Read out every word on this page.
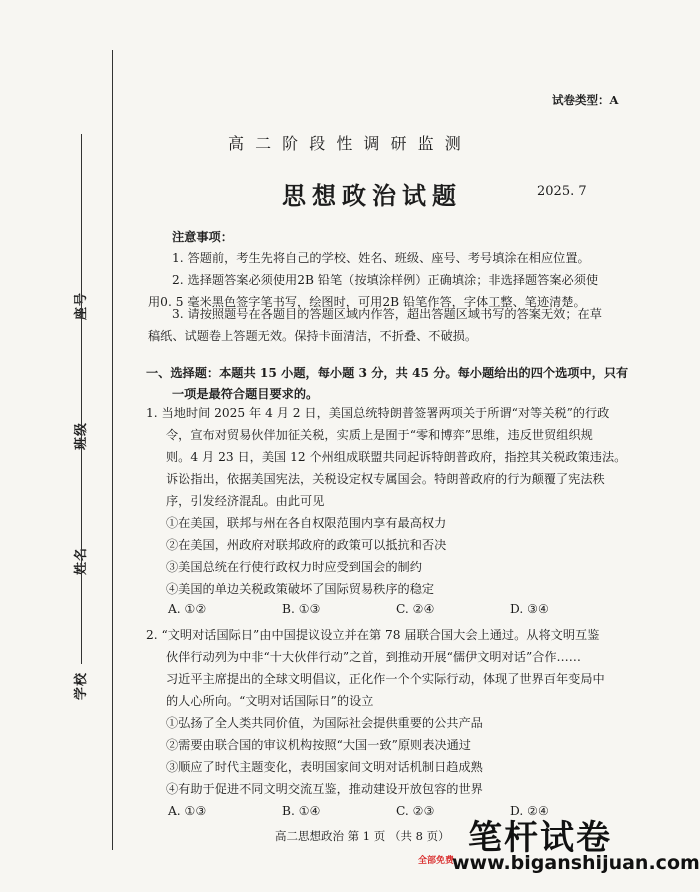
座号
班级
姓名
学校
试卷类型：A
高 二 阶 段 性 调 研 监 测
思想政治试题	2025. 7
注意事项：
1. 答题前，考生先将自己的学校、姓名、班级、座号、考号填涂在相应位置。
2. 选择题答案必须使用2B 铅笔（按填涂样例）正确填涂；非选择题答案必须使
用0. 5 毫米黑色签字笔书写，绘图时，可用2B 铅笔作答，字体工整、笔迹清楚。
3. 请按照题号在各题目的答题区域内作答，超出答题区域书写的答案无效；在草
稿纸、试题卷上答题无效。保持卡面清洁，不折叠、不破损。
一、选择题：本题共 15 小题，每小题 3 分，共 45 分。每小题给出的四个选项中，只有
一项是最符合题目要求的。
1. 当地时间 2025 年 4 月 2 日，美国总统特朗普签署两项关于所谓“对等关税”的行政
令，宣布对贸易伙伴加征关税，实质上是囿于“零和博弈”思维，违反世贸组织规
则。4 月 23 日，美国 12 个州组成联盟共同起诉特朗普政府，指控其关税政策违法。
诉讼指出，依据美国宪法，关税设定权专属国会。特朗普政府的行为颠覆了宪法秩
序，引发经济混乱。由此可见
①在美国，联邦与州在各自权限范围内享有最高权力
②在美国，州政府对联邦政府的政策可以抵抗和否决
③美国总统在行使行政权力时应受到国会的制约
④美国的单边关税政策破坏了国际贸易秩序的稳定
A. ①②	B. ①③	C. ②④	D. ③④
2. “文明对话国际日”由中国提议设立并在第 78 届联合国大会上通过。从将文明互鉴
伙伴行动列为中非“十大伙伴行动”之首，到推动开展“儒伊文明对话”合作……
习近平主席提出的全球文明倡议，正化作一个个实际行动，体现了世界百年变局中
的人心所向。“文明对话国际日”的设立
①弘扬了全人类共同价值，为国际社会提供重要的公共产品
②需要由联合国的审议机构按照“大国一致”原则表决通过
③顺应了时代主题变化，表明国家间文明对话机制日趋成熟
④有助于促进不同文明交流互鉴，推动建设开放包容的世界
A. ①③	B. ①④	C. ②③	D. ②④
高二思想政治 第 1 页 （共 8 页） 笔杆试卷
全部免费
www.biganshijuan.com
